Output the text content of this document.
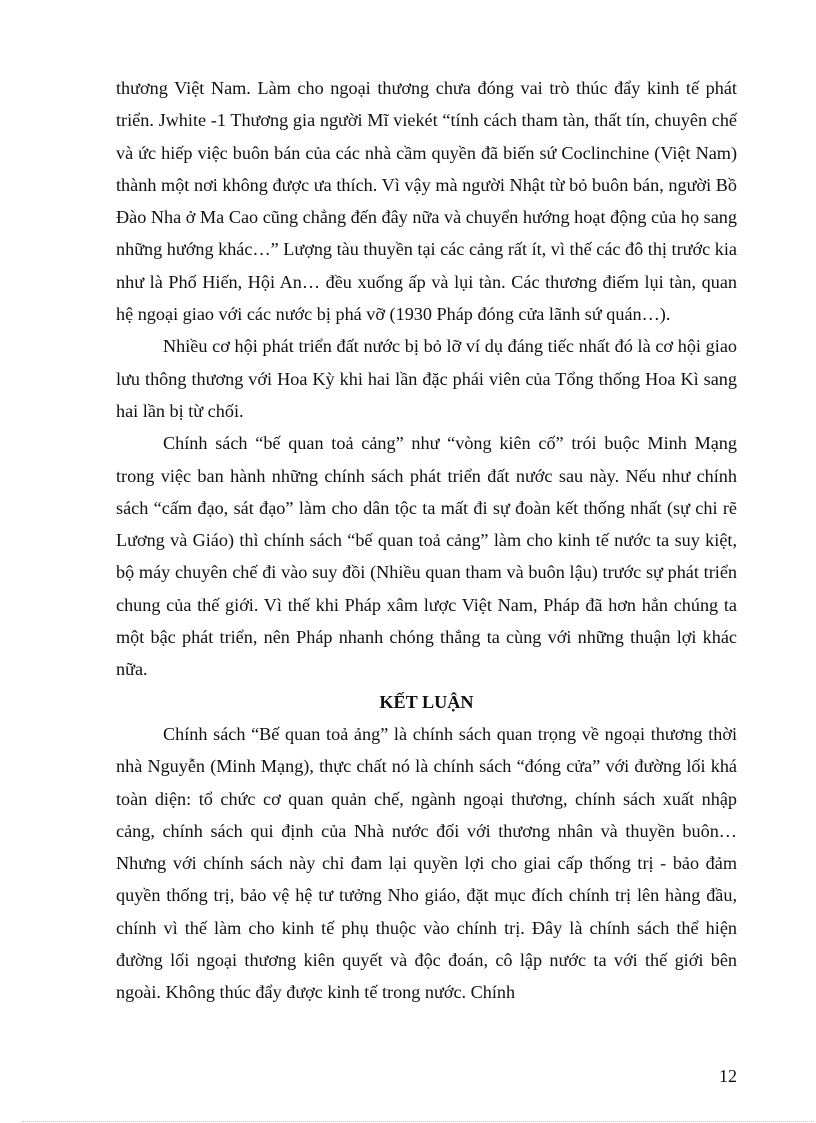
thương Việt Nam. Làm cho ngoại thương chưa đóng vai trò thúc đẩy kinh tế phát triển. Jwhite -1 Thương gia người Mĩ viekét “tính cách tham tàn, thất tín, chuyên chế và ức hiếp việc buôn bán của các nhà cầm quyền đã biến sứ Coclinchine (Việt Nam) thành một nơi không được ưa thích. Vì vậy mà người Nhật từ bỏ buôn bán, người Bồ Đào Nha ở Ma Cao cũng chẳng đến đây nữa và chuyển hướng hoạt động của họ sang những hướng khác…” Lượng tàu thuyền tại các cảng rất ít, vì thế các đô thị trước kia như là Phố Hiến, Hội An… đều xuống ấp và lụi tàn. Các thương điếm lụi tàn, quan hệ ngoại giao với các nước bị phá vỡ (1930 Pháp đóng cửa lãnh sứ quán…).

Nhiều cơ hội phát triển đất nước bị bỏ lỡ ví dụ đáng tiếc nhất đó là cơ hội giao lưu thông thương với Hoa Kỳ khi hai lần đặc phái viên của Tổng thống Hoa Kì sang hai lần bị từ chối.

Chính sách “bế quan toả cảng” như “vòng kiên cố” trói buộc Minh Mạng trong việc ban hành những chính sách phát triển đất nước sau này. Nếu như chính sách “cấm đạo, sát đạo” làm cho dân tộc ta mất đi sự đoàn kết thống nhất (sự chi rẽ Lương và Giáo) thì chính sách “bế quan toả cảng” làm cho kinh tế nước ta suy kiệt, bộ máy chuyên chế đi vào suy đồi (Nhiều quan tham và buôn lậu) trước sự phát triển chung của thế giới. Vì thế khi Pháp xâm lược Việt Nam, Pháp đã hơn hẳn chúng ta một bậc phát triển, nên Pháp nhanh chóng thắng ta cùng với những thuận lợi khác nữa.

KẾT LUẬN

Chính sách “Bế quan toả ảng” là chính sách quan trọng về ngoại thương thời nhà Nguyễn (Minh Mạng), thực chất nó là chính sách “đóng cửa” với đường lối khá toàn diện: tổ chức cơ quan quản chế, ngành ngoại thương, chính sách xuất nhập cảng, chính sách qui định của Nhà nước đối với thương nhân và thuyền buôn… Nhưng với chính sách này chỉ đam lại quyền lợi cho giai cấp thống trị - bảo đảm quyền thống trị, bảo vệ hệ tư tưởng Nho giáo, đặt mục đích chính trị lên hàng đầu, chính vì thế làm cho kinh tế phụ thuộc vào chính trị. Đây là chính sách thể hiện đường lối ngoại thương kiên quyết và độc đoán, cô lập nước ta với thế giới bên ngoài. Không thúc đẩy được kinh tế trong nước. Chính

12
